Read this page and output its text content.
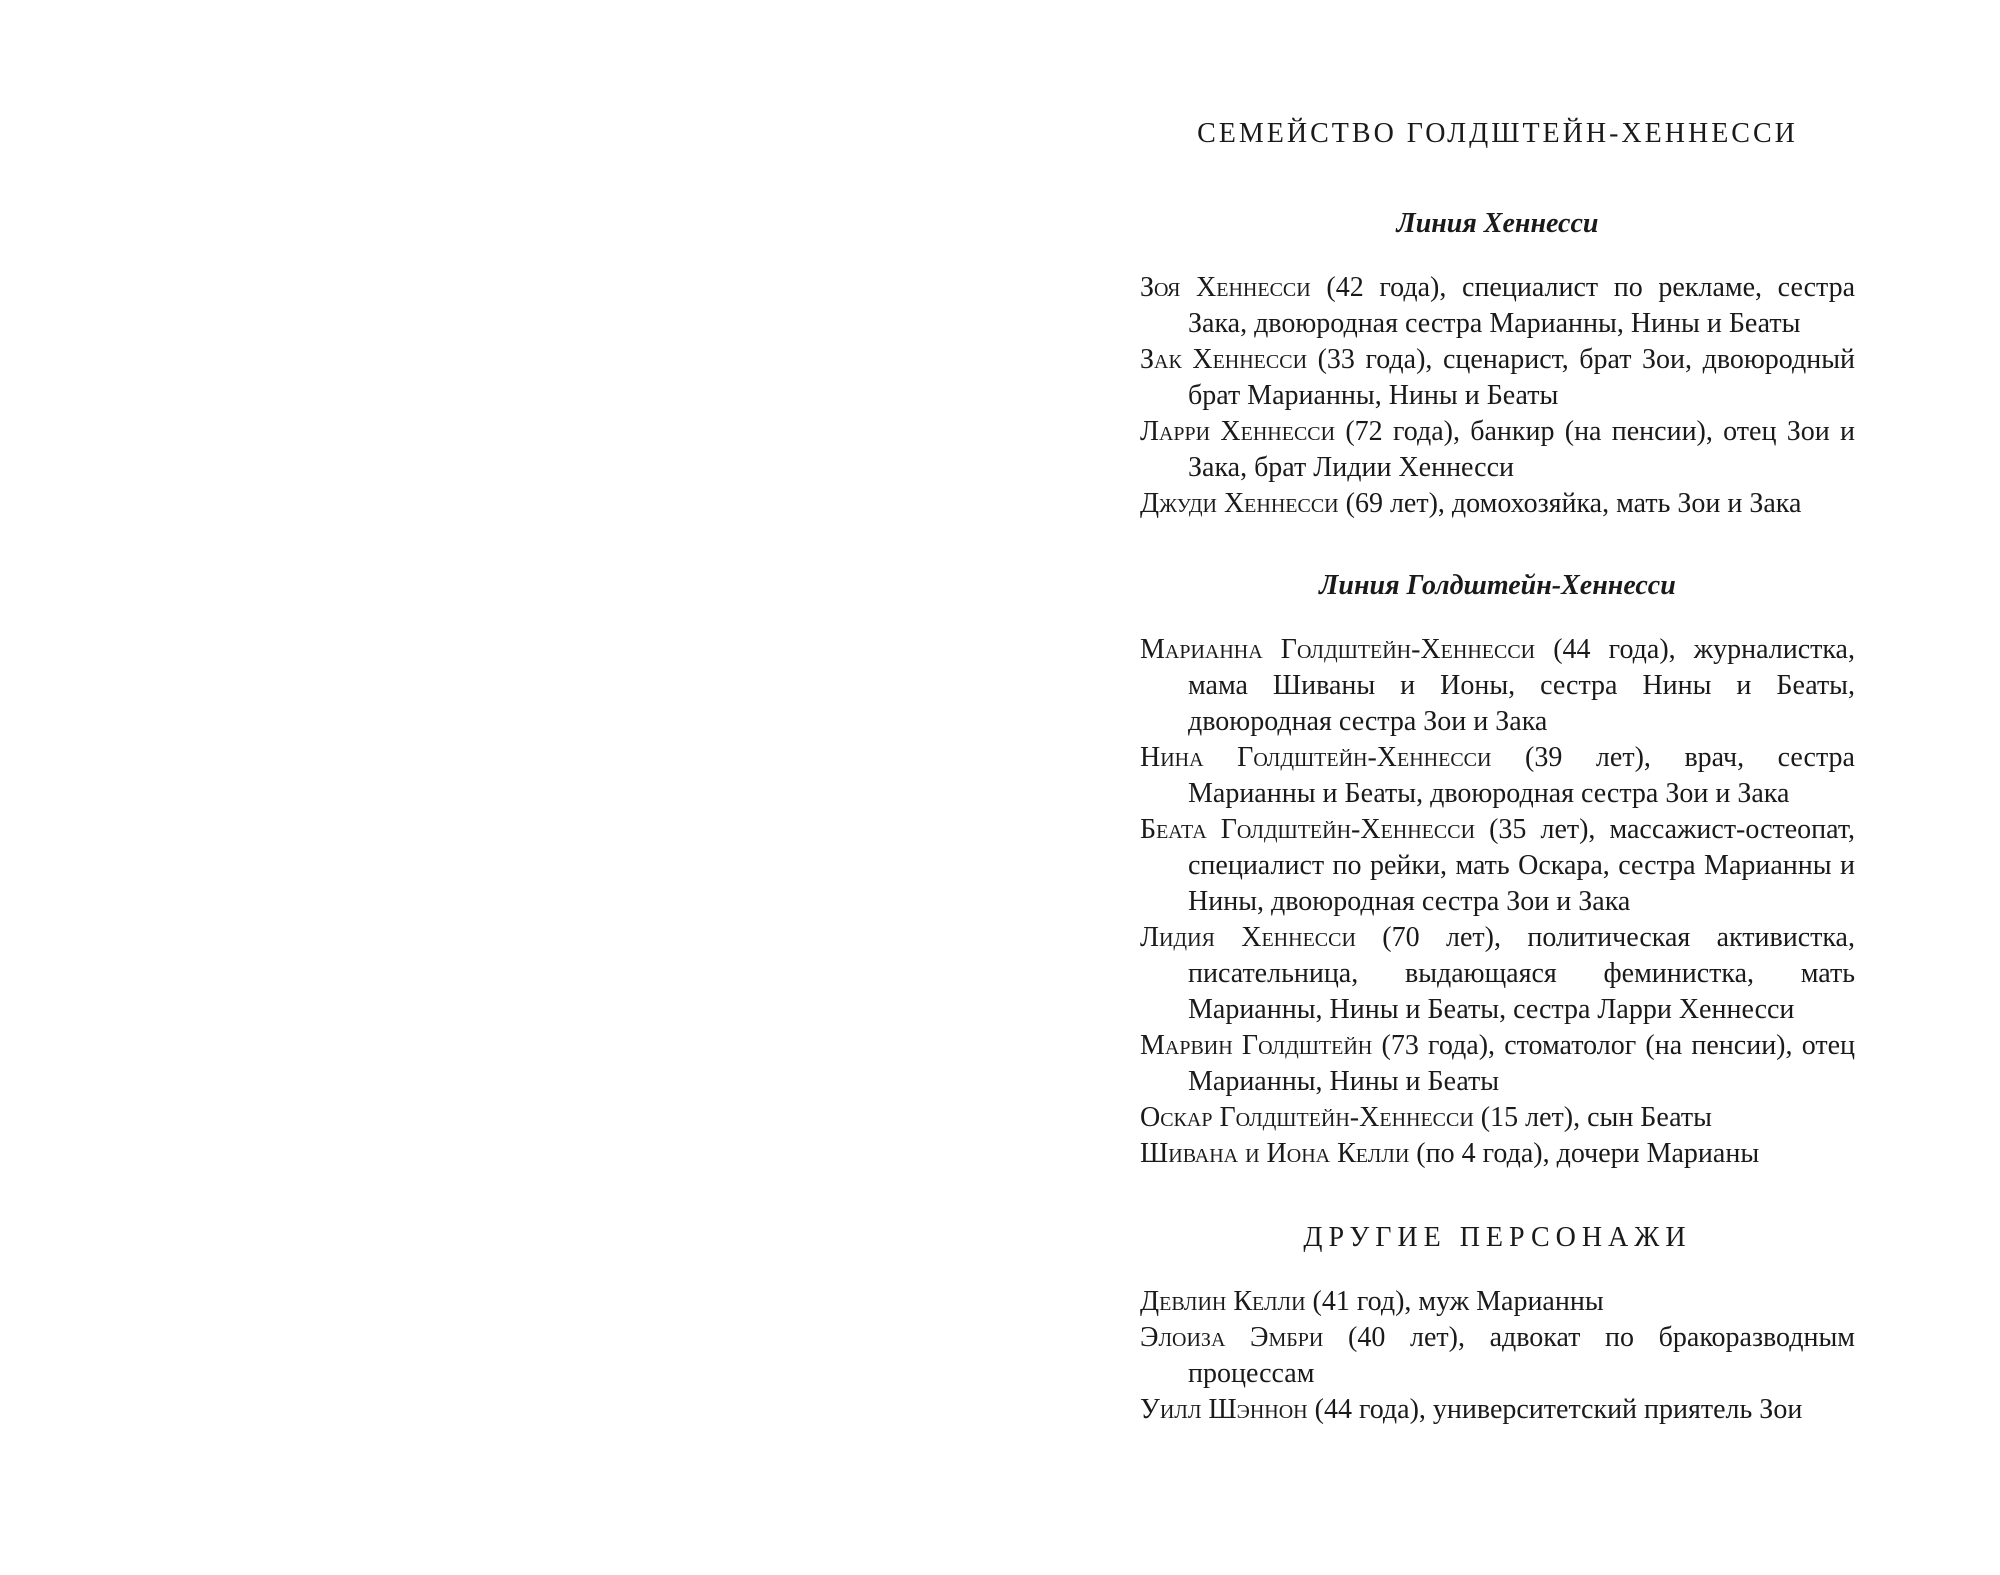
СЕМЕЙСТВО ГОЛДШТЕЙН-ХЕННЕССИ
Линия Хеннесси

Зоя Хеннесси (42 года), специалист по рекламе, сестра Зака, двоюродная сестра Марианны, Нины и Беаты

Зак Хеннесси (33 года), сценарист, брат Зои, двоюродный брат Марианны, Нины и Беаты

Ларри Хеннесси (72 года), банкир (на пенсии), отец Зои и Зака, брат Лидии Хеннесси

Джуди Хеннесси (69 лет), домохозяйка, мать Зои и Зака

Линия Голдштейн-Хеннесси

Марианна Голдштейн-Хеннесси (44 года), журналистка, мама Шиваны и Ионы, сестра Нины и Беаты, двоюродная сестра Зои и Зака

Нина Голдштейн-Хеннесси (39 лет), врач, сестра Марианны и Беаты, двоюродная сестра Зои и Зака

Беата Голдштейн-Хеннесси (35 лет), массажист-остеопат, специалист по рейки, мать Оскара, сестра Марианны и Нины, двоюродная сестра Зои и Зака

Лидия Хеннесси (70 лет), политическая активистка, писательница, выдающаяся феминистка, мать Марианны, Нины и Беаты, сестра Ларри Хеннесси

Марвин Голдштейн (73 года), стоматолог (на пенсии), отец Марианны, Нины и Беаты

Оскар Голдштейн-Хеннесси (15 лет), сын Беаты

Шивана и Иона Келли (по 4 года), дочери Марианы

ДРУГИЕ ПЕРСОНАЖИ

Девлин Келли (41 год), муж Марианны

Элоиза Эмбри (40 лет), адвокат по бракоразводным процессам

Уилл Шэннон (44 года), университетский приятель Зои
